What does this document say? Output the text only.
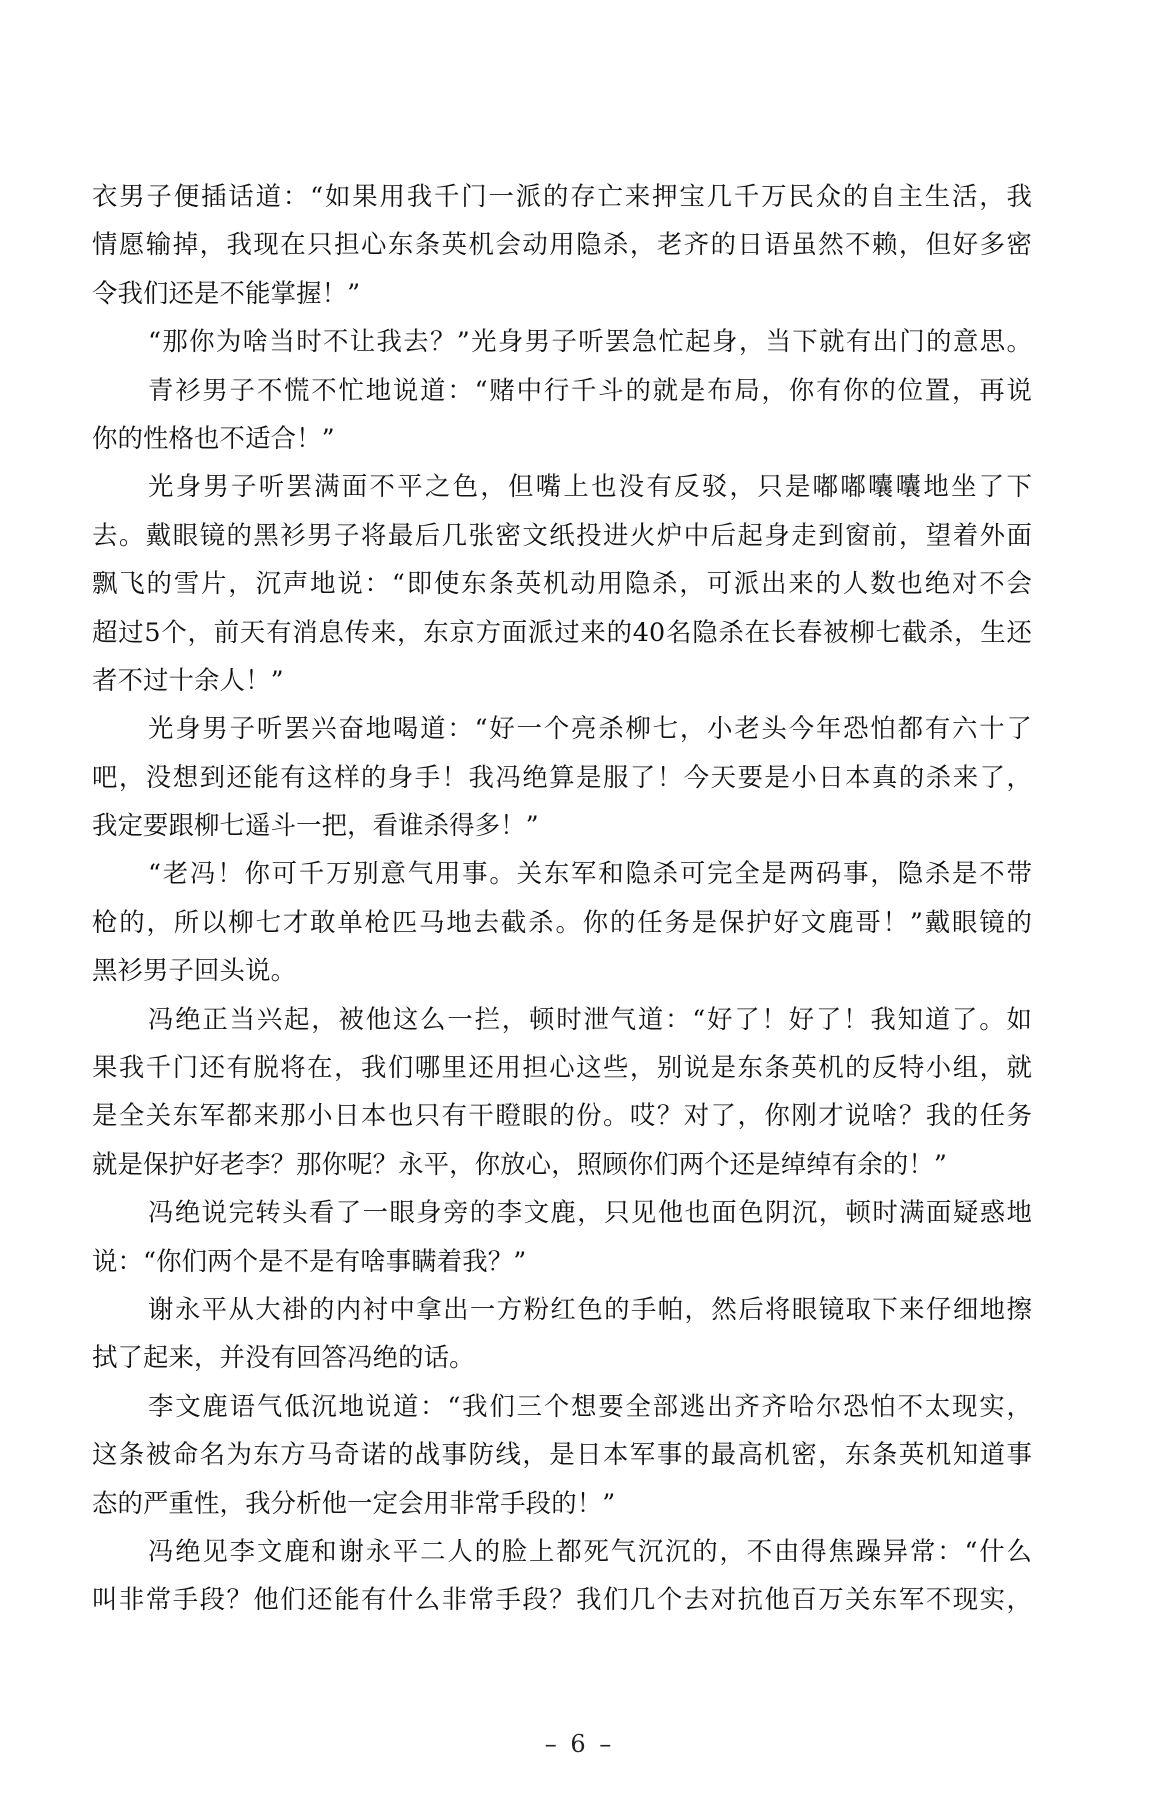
衣男子便插话道：“如果用我千门一派的存亡来押宝几千万民众的自主生活，我
情愿输掉，我现在只担心东条英机会动用隐杀，老齐的日语虽然不赖，但好多密
令我们还是不能掌握！”
“那你为啥当时不让我去？”光身男子听罢急忙起身，当下就有出门的意思。
青衫男子不慌不忙地说道：“赌中行千斗的就是布局，你有你的位置，再说
你的性格也不适合！”
光身男子听罢满面不平之色，但嘴上也没有反驳，只是嘟嘟囔囔地坐了下
去。戴眼镜的黑衫男子将最后几张密文纸投进火炉中后起身走到窗前，望着外面
飘飞的雪片，沉声地说：“即使东条英机动用隐杀，可派出来的人数也绝对不会
超过5个，前天有消息传来，东京方面派过来的40名隐杀在长春被柳七截杀，生还
者不过十余人！”
光身男子听罢兴奋地喝道：“好一个亮杀柳七，小老头今年恐怕都有六十了
吧，没想到还能有这样的身手！我冯绝算是服了！今天要是小日本真的杀来了，
我定要跟柳七遥斗一把，看谁杀得多！”
“老冯！你可千万别意气用事。关东军和隐杀可完全是两码事，隐杀是不带
枪的，所以柳七才敢单枪匹马地去截杀。你的任务是保护好文鹿哥！”戴眼镜的
黑衫男子回头说。
冯绝正当兴起，被他这么一拦，顿时泄气道：“好了！好了！我知道了。如
果我千门还有脱将在，我们哪里还用担心这些，别说是东条英机的反特小组，就
是全关东军都来那小日本也只有干瞪眼的份。哎？对了，你刚才说啥？我的任务
就是保护好老李？那你呢？永平，你放心，照顾你们两个还是绰绰有余的！”
冯绝说完转头看了一眼身旁的李文鹿，只见他也面色阴沉，顿时满面疑惑地
说：“你们两个是不是有啥事瞒着我？”
谢永平从大褂的内衬中拿出一方粉红色的手帕，然后将眼镜取下来仔细地擦
拭了起来，并没有回答冯绝的话。
李文鹿语气低沉地说道：“我们三个想要全部逃出齐齐哈尔恐怕不太现实，
这条被命名为东方马奇诺的战事防线，是日本军事的最高机密，东条英机知道事
态的严重性，我分析他一定会用非常手段的！”
冯绝见李文鹿和谢永平二人的脸上都死气沉沉的，不由得焦躁异常：“什么
叫非常手段？他们还能有什么非常手段？我们几个去对抗他百万关东军不现实，
– 6 –
